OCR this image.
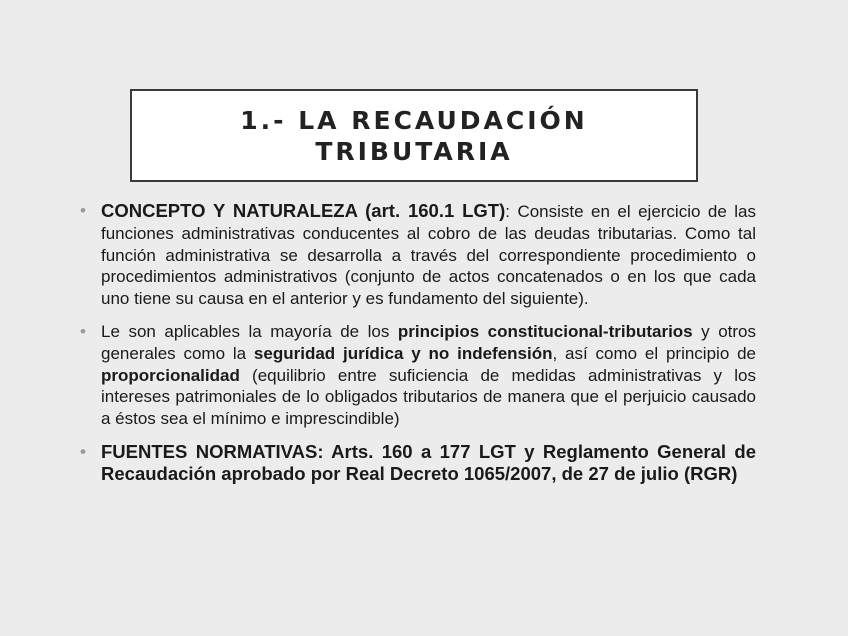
1.- LA RECAUDACIÓN
TRIBUTARIA
• CONCEPTO Y NATURALEZA (art. 160.1 LGT): Consiste en el ejercicio de las funciones administrativas conducentes al cobro de las deudas tributarias. Como tal función administrativa se desarrolla a través del correspondiente procedimiento o procedimientos administrativos (conjunto de actos concatenados o en los que cada uno tiene su causa en el anterior y es fundamento del siguiente).
• Le son aplicables la mayoría de los principios constitucional-tributarios y otros generales como la seguridad jurídica y no indefensión, así como el principio de proporcionalidad (equilibrio entre suficiencia de medidas administrativas y los intereses patrimoniales de lo obligados tributarios de manera que el perjuicio causado a éstos sea el mínimo e imprescindible)
• FUENTES NORMATIVAS: Arts. 160 a 177 LGT y Reglamento General de Recaudación aprobado por Real Decreto 1065/2007, de 27 de julio (RGR)
